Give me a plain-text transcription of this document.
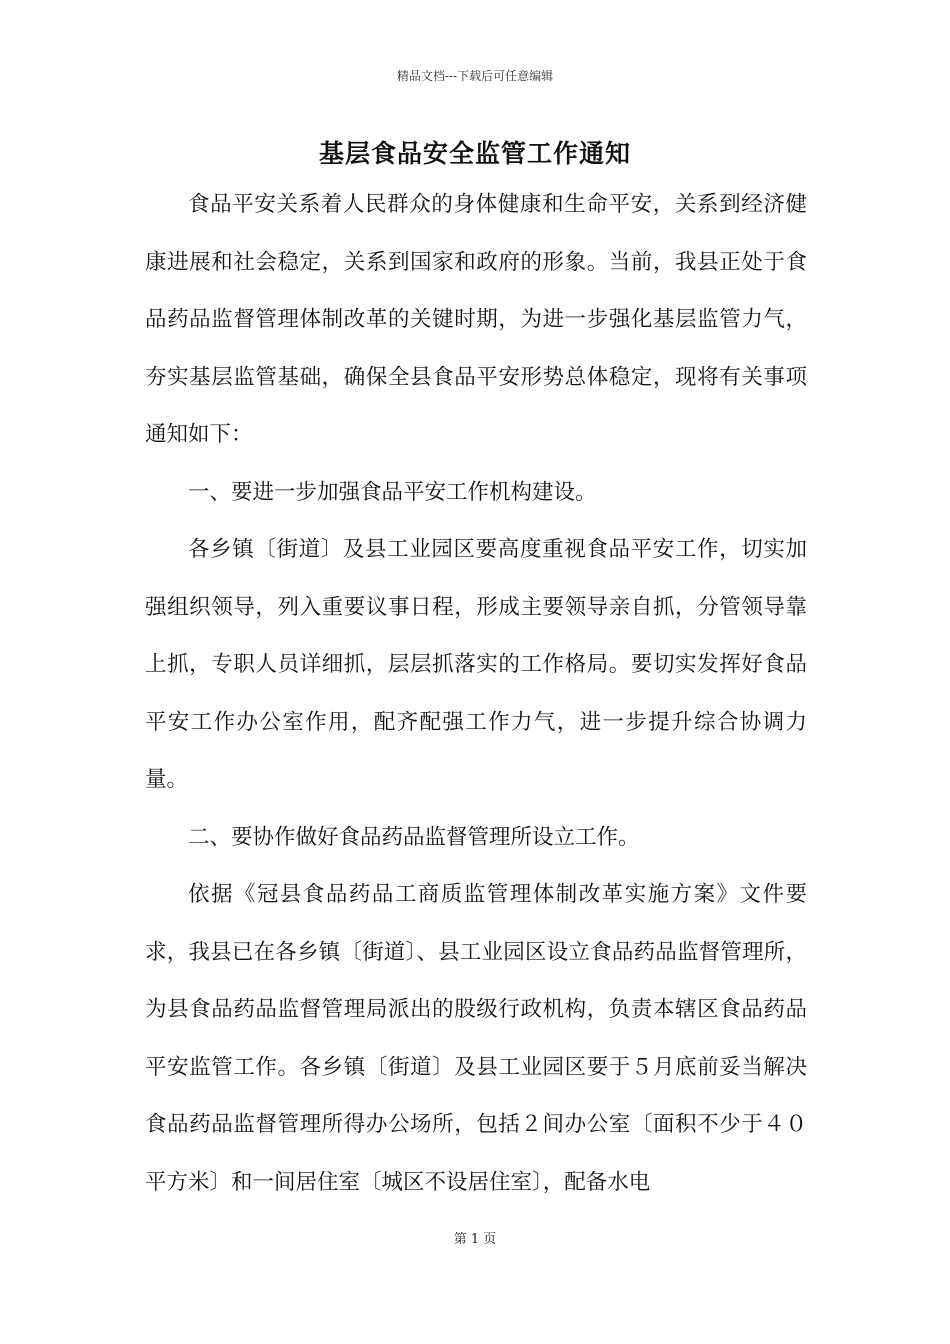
精品文档---下载后可任意编辑
基层食品安全监管工作通知

食品平安关系着人民群众的身体健康和生命平安，关系到经济健康进展和社会稳定，关系到国家和政府的形象。当前，我县正处于食品药品监督管理体制改革的关键时期，为进一步强化基层监管力气，夯实基层监管基础，确保全县食品平安形势总体稳定，现将有关事项通知如下：

一、要进一步加强食品平安工作机构建设。

各乡镇〔街道〕及县工业园区要高度重视食品平安工作，切实加强组织领导，列入重要议事日程，形成主要领导亲自抓，分管领导靠上抓，专职人员详细抓，层层抓落实的工作格局。要切实发挥好食品平安工作办公室作用，配齐配强工作力气，进一步提升综合协调力量。

二、要协作做好食品药品监督管理所设立工作。

依据《冠县食品药品工商质监管理体制改革实施方案》文件要求，我县已在各乡镇〔街道〕、县工业园区设立食品药品监督管理所，为县食品药品监督管理局派出的股级行政机构，负责本辖区食品药品平安监管工作。各乡镇〔街道〕及县工业园区要于５月底前妥当解决食品药品监督管理所得办公场所，包括２间办公室〔面积不少于４０平方米〕和一间居住室〔城区不设居住室〕，配备水电

第 1 页
